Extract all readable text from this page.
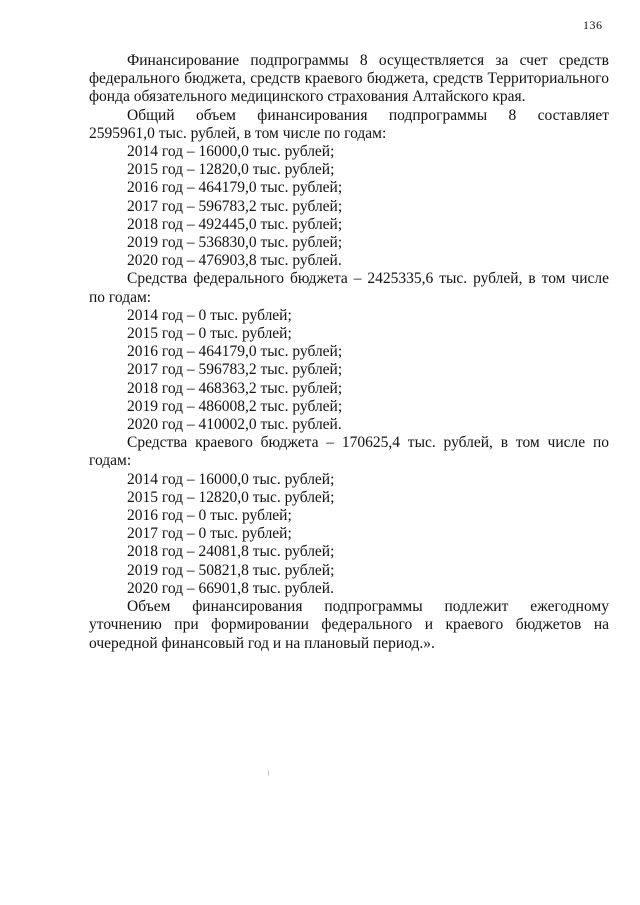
136

Финансирование подпрограммы 8 осуществляется за счет средств федерального бюджета, средств краевого бюджета, средств Территориального фонда обязательного медицинского страхования Алтайского края.

Общий объем финансирования подпрограммы 8 составляет

2595961,0 тыс. рублей, в том числе по годам:

2014 год – 16000,0 тыс. рублей;

2015 год – 12820,0 тыс. рублей;

2016 год – 464179,0 тыс. рублей;

2017 год – 596783,2 тыс. рублей;

2018 год – 492445,0 тыс. рублей;

2019 год – 536830,0 тыс. рублей;

2020 год – 476903,8 тыс. рублей.

Средства федерального бюджета – 2425335,6 тыс. рублей, в том числе по годам:

2014 год – 0 тыс. рублей;

2015 год – 0 тыс. рублей;

2016 год – 464179,0 тыс. рублей;

2017 год – 596783,2 тыс. рублей;

2018 год – 468363,2 тыс. рублей;

2019 год – 486008,2 тыс. рублей;

2020 год – 410002,0 тыс. рублей.

Средства краевого бюджета – 170625,4 тыс. рублей, в том числе по годам:

2014 год – 16000,0 тыс. рублей;

2015 год – 12820,0 тыс. рублей;

2016 год – 0 тыс. рублей;

2017 год – 0 тыс. рублей;

2018 год – 24081,8 тыс. рублей;

2019 год – 50821,8 тыс. рублей;

2020 год – 66901,8 тыс. рублей.

Объем финансирования подпрограммы подлежит ежегодному уточнению при формировании федерального и краевого бюджетов на очередной финансовый год и на плановый период.».
